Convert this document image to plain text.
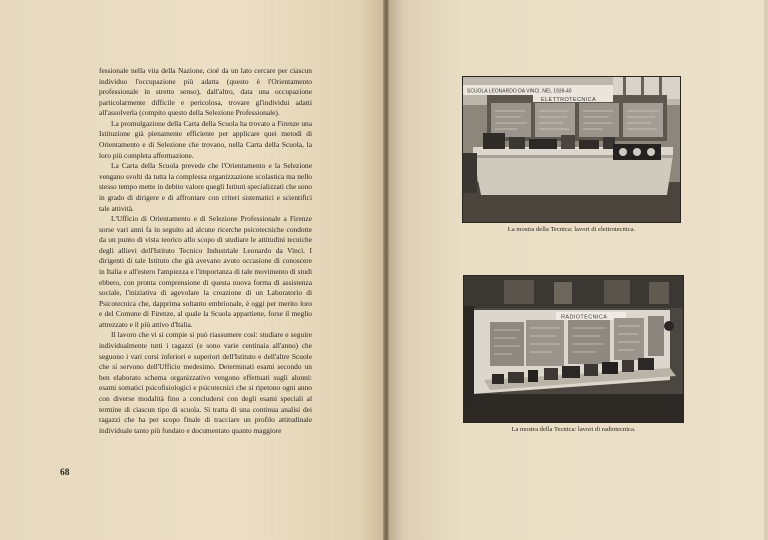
fessionale nella vita della Nazione, cioè da un lato cercare per ciascun individuo l'occupazione più adatta (questo è l'Orientamento professionale in stretto senso), dall'altro, data una occupazione particolarmente difficile e pericolosa, trovare gl'individui adatti all'assolverla (compito questo della Selezione Professionale).

La promulgazione della Carta della Scuola ha trovato a Firenze una Istituzione già pienamente efficiente per applicare quei metodi di Orientamento e di Selezione che trovano, nella Carta della Scuola, la loro più completa affermazione.

La Carta della Scuola prevede che l'Orientamento e la Selezione vengano svolti da tutta la complessa organizzazione scolastica ma nello stesso tempo mette in debito valore quegli Istituti specializzati che sono in grado di dirigere e di affrontare con criteri sistematici e scientifici tale attività.

L'Ufficio di Orientamento e di Selezione Professionale a Firenze sorse vari anni fa in seguito ad alcune ricerche psicotecniche condotte da un punto di vista teorico allo scopo di studiare le attitudini tecniche degli allievi dell'Istituto Tecnico Industriale Leonardo da Vinci. I dirigenti di tale Istituto che già avevano avuto occasione di conoscere in Italia e all'estero l'ampiezza e l'importanza di tale movimento di studi ebbero, con pronta comprensione di questa nuova forma di assistenza sociale, l'iniziativa di agevolare la creazione di un Laboratorio di Psicotecnica che, dapprima soltanto embrionale, è oggi per merito loro e del Comune di Firenze, al quale la Scuola appartiene, forse il meglio attrezzato e il più attivo d'Italia.

Il lavoro che vi si compie si può riassumere così: studiare e seguire individualmente tutti i ragazzi (e sono varie centinaia all'anno) che seguono i vari corsi inferiori e superiori dell'Istituto e dell'altre Scuole che si servono dell'Ufficio medesimo. Determinati esami secondo un ben elaborato schema organizzativo vengono effettuati sugli alunni: esami somatici psicofisiologici e psicotecnici che si ripetono ogni anno con diverse modalità fino a concludersi con degli esami speciali al termine di ciascun tipo di scuola. Si tratta di una continua analisi dei ragazzi che ha per scopo finale di tracciare un profilo attitudinale individuale tanto più fondato e documentato quanto maggiore

68
SCUOLA LEONARDO DA VINCI. NEL 1939-40
ELETTROTECNICA
La mostra della Tecnica: lavori di elettrotecnica.
RADIOTECNICA
La mostra della Tecnica: lavori di radiotecnica.
